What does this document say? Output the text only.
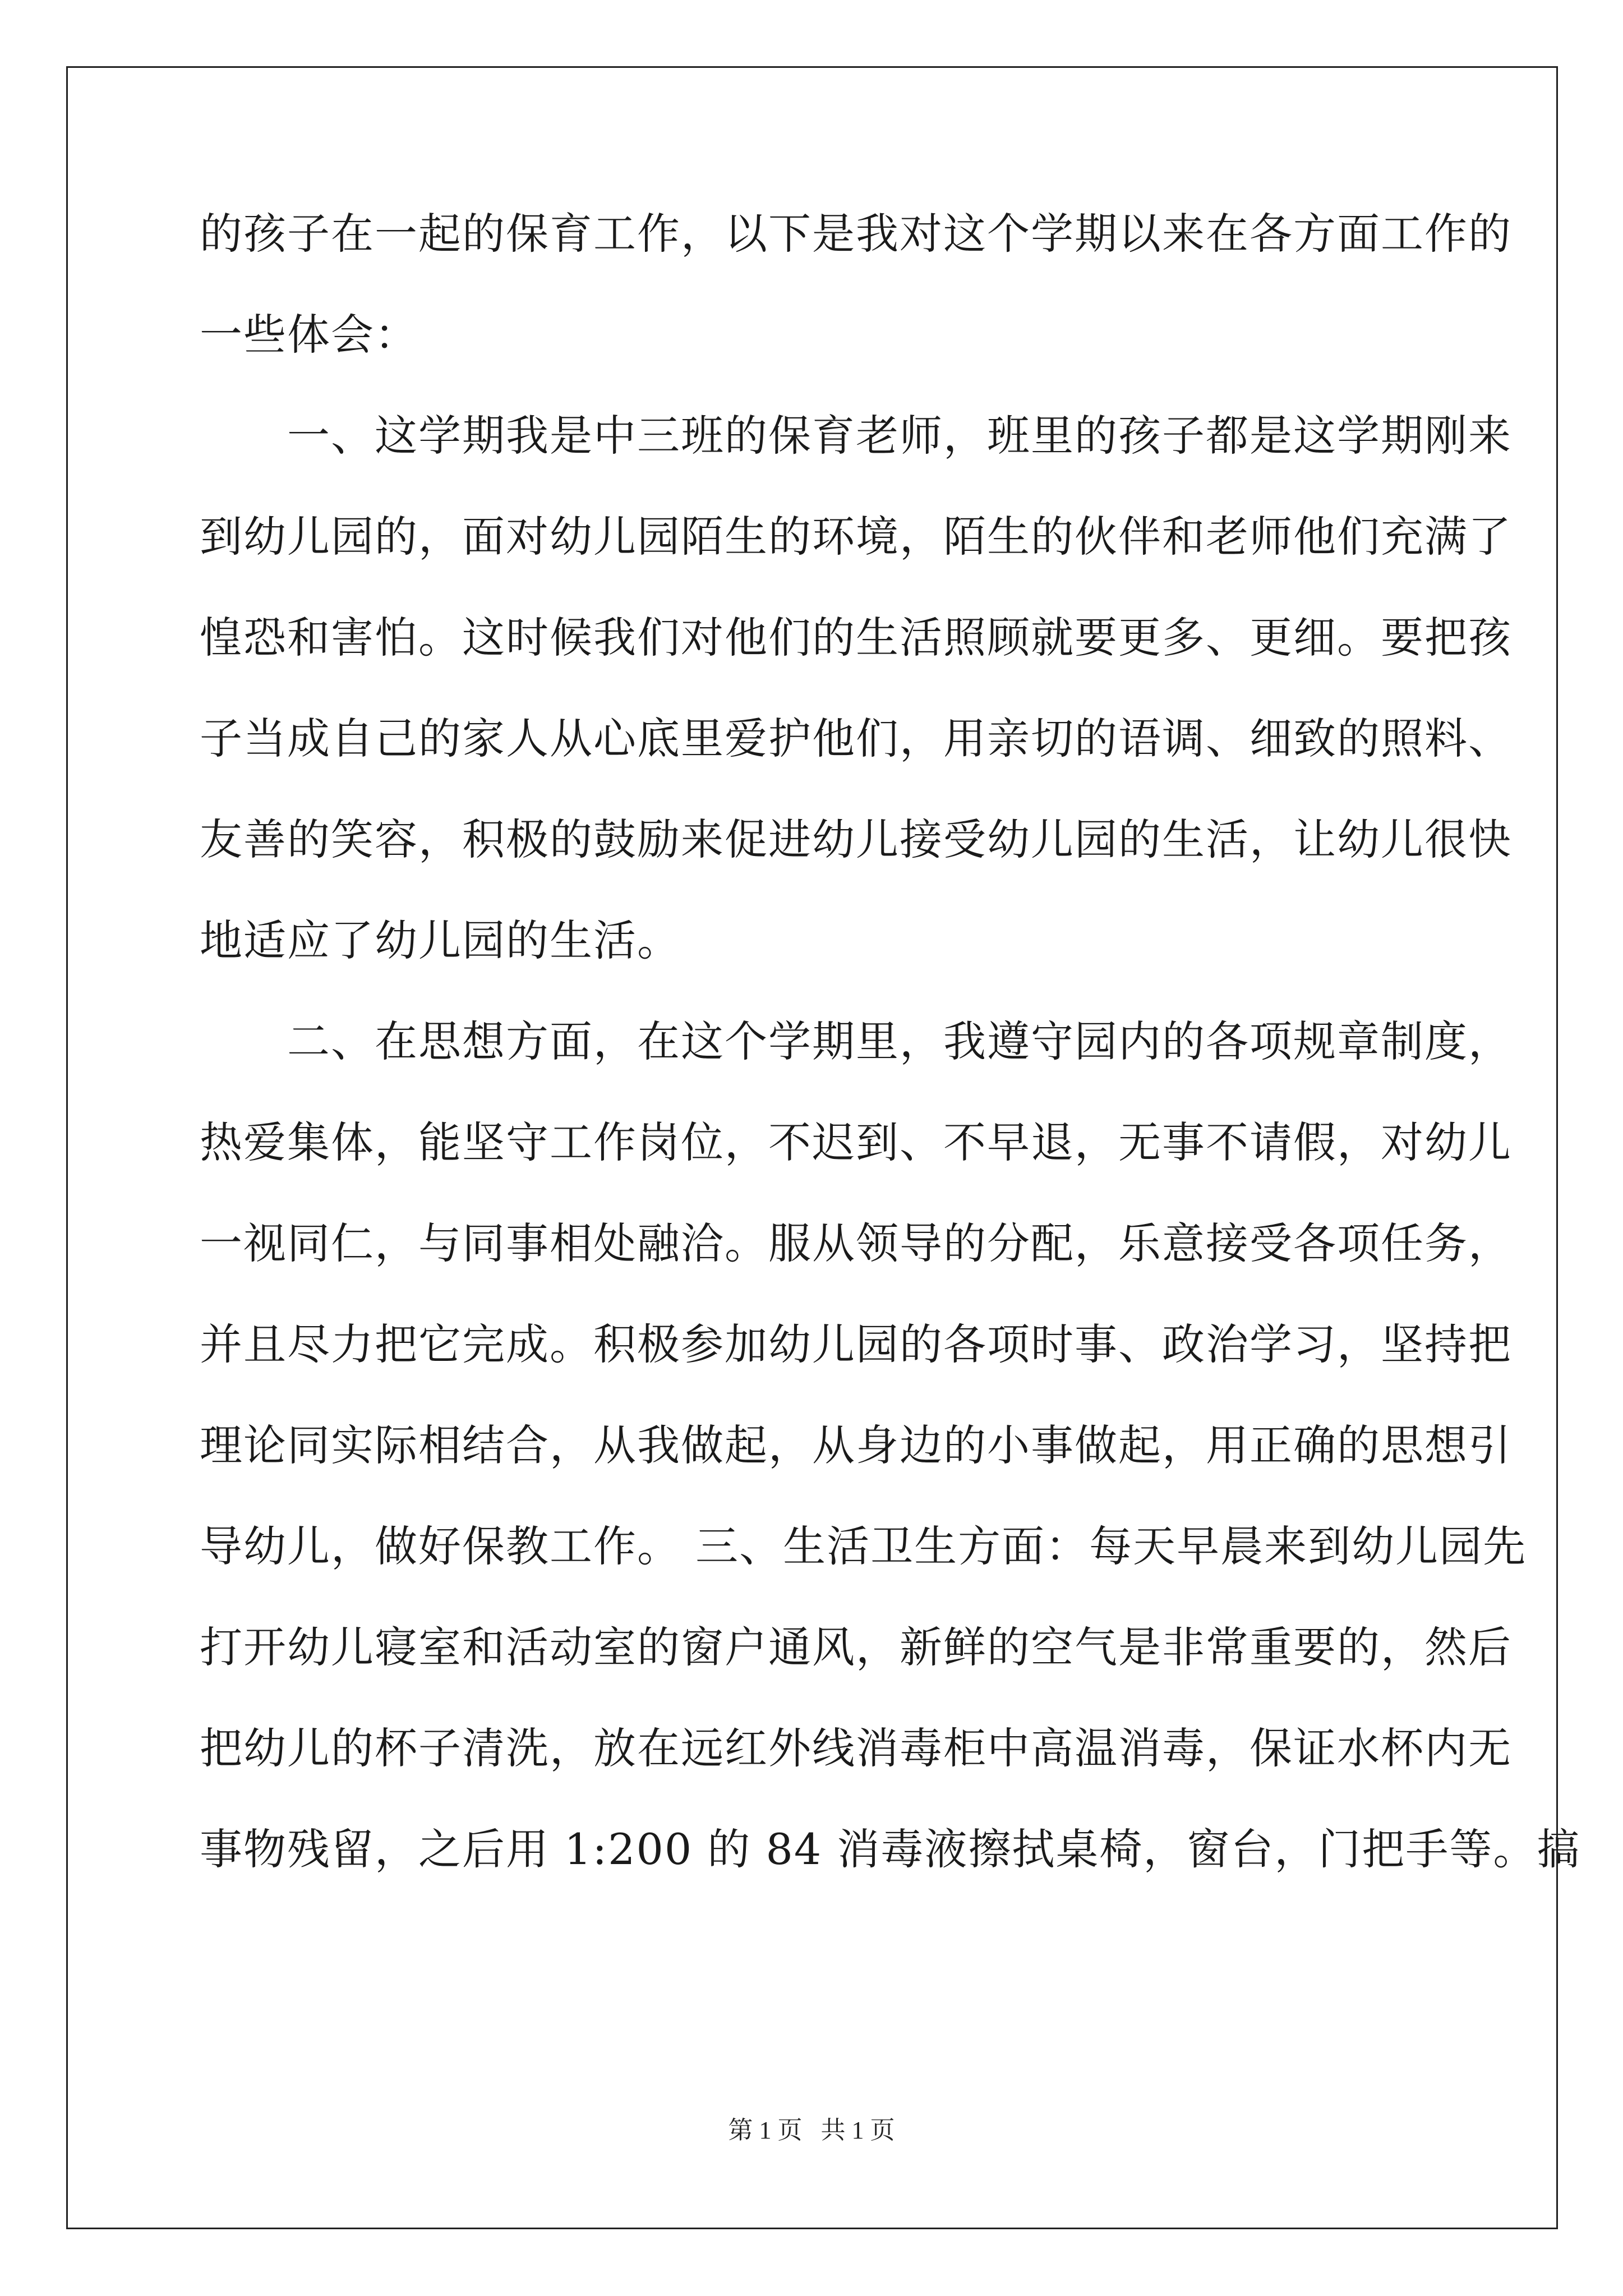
的孩子在一起的保育工作，以下是我对这个学期以来在各方面工作的
一些体会：
　　一、这学期我是中三班的保育老师，班里的孩子都是这学期刚来
到幼儿园的，面对幼儿园陌生的环境，陌生的伙伴和老师他们充满了
惶恐和害怕。这时候我们对他们的生活照顾就要更多、更细。要把孩
子当成自己的家人从心底里爱护他们，用亲切的语调、细致的照料、
友善的笑容，积极的鼓励来促进幼儿接受幼儿园的生活，让幼儿很快
地适应了幼儿园的生活。
　　二、在思想方面，在这个学期里，我遵守园内的各项规章制度，
热爱集体，能坚守工作岗位，不迟到、不早退，无事不请假，对幼儿
一视同仁，与同事相处融洽。服从领导的分配，乐意接受各项任务，
并且尽力把它完成。积极参加幼儿园的各项时事、政治学习，坚持把
理论同实际相结合，从我做起，从身边的小事做起，用正确的思想引
导幼儿，做好保教工作。 三、生活卫生方面：每天早晨来到幼儿园先
打开幼儿寝室和活动室的窗户通风，新鲜的空气是非常重要的，然后
把幼儿的杯子清洗，放在远红外线消毒柜中高温消毒，保证水杯内无
事物残留，之后用 1:200 的 84 消毒液擦拭桌椅，窗台，门把手等。搞
第 1 页   共 1 页
